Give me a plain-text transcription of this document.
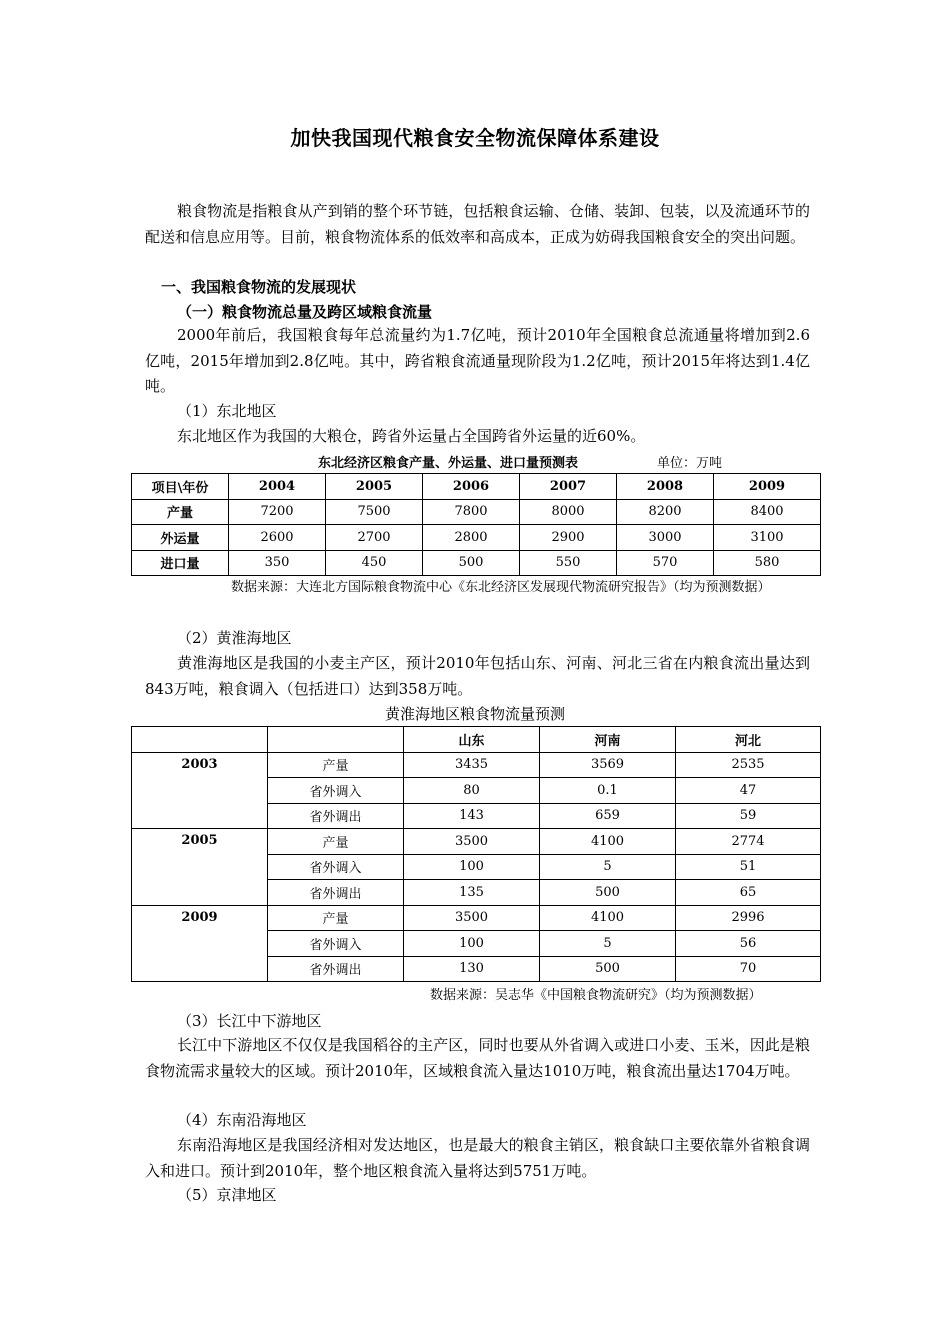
加快我国现代粮食安全物流保障体系建设
粮食物流是指粮食从产到销的整个环节链，包括粮食运输、仓储、装卸、包装，以及流通环节的配送和信息应用等。目前，粮食物流体系的低效率和高成本，正成为妨碍我国粮食安全的突出问题。
一、我国粮食物流的发展现状
（一）粮食物流总量及跨区域粮食流量
2000年前后，我国粮食每年总流量约为1.7亿吨，预计2010年全国粮食总流通量将增加到2.6亿吨，2015年增加到2.8亿吨。其中，跨省粮食流通量现阶段为1.2亿吨，预计2015年将达到1.4亿吨。
（1）东北地区
东北地区作为我国的大粮仓，跨省外运量占全国跨省外运量的近60%。
东北经济区粮食产量、外运量、进口量预测表	单位：万吨
项目\年份	2004	2005	2006	2007	2008	2009
产量	7200	7500	7800	8000	8200	8400
外运量	2600	2700	2800	2900	3000	3100
进口量	350	450	500	550	570	580
数据来源：大连北方国际粮食物流中心《东北经济区发展现代物流研究报告》（均为预测数据）
（2）黄淮海地区
黄淮海地区是我国的小麦主产区，预计2010年包括山东、河南、河北三省在内粮食流出量达到843万吨，粮食调入（包括进口）达到358万吨。
黄淮海地区粮食物流量预测
		山东	河南	河北
2003	产量	3435	3569	2535
	省外调入	80	0.1	47
	省外调出	143	659	59
2005	产量	3500	4100	2774
	省外调入	100	5	51
	省外调出	135	500	65
2009	产量	3500	4100	2996
	省外调入	100	5	56
	省外调出	130	500	70
数据来源：吴志华《中国粮食物流研究》（均为预测数据）
（3）长江中下游地区
长江中下游地区不仅仅是我国稻谷的主产区，同时也要从外省调入或进口小麦、玉米，因此是粮食物流需求量较大的区域。预计2010年，区域粮食流入量达1010万吨，粮食流出量达1704万吨。
（4）东南沿海地区
东南沿海地区是我国经济相对发达地区，也是最大的粮食主销区，粮食缺口主要依靠外省粮食调入和进口。预计到2010年，整个地区粮食流入量将达到5751万吨。
（5）京津地区
